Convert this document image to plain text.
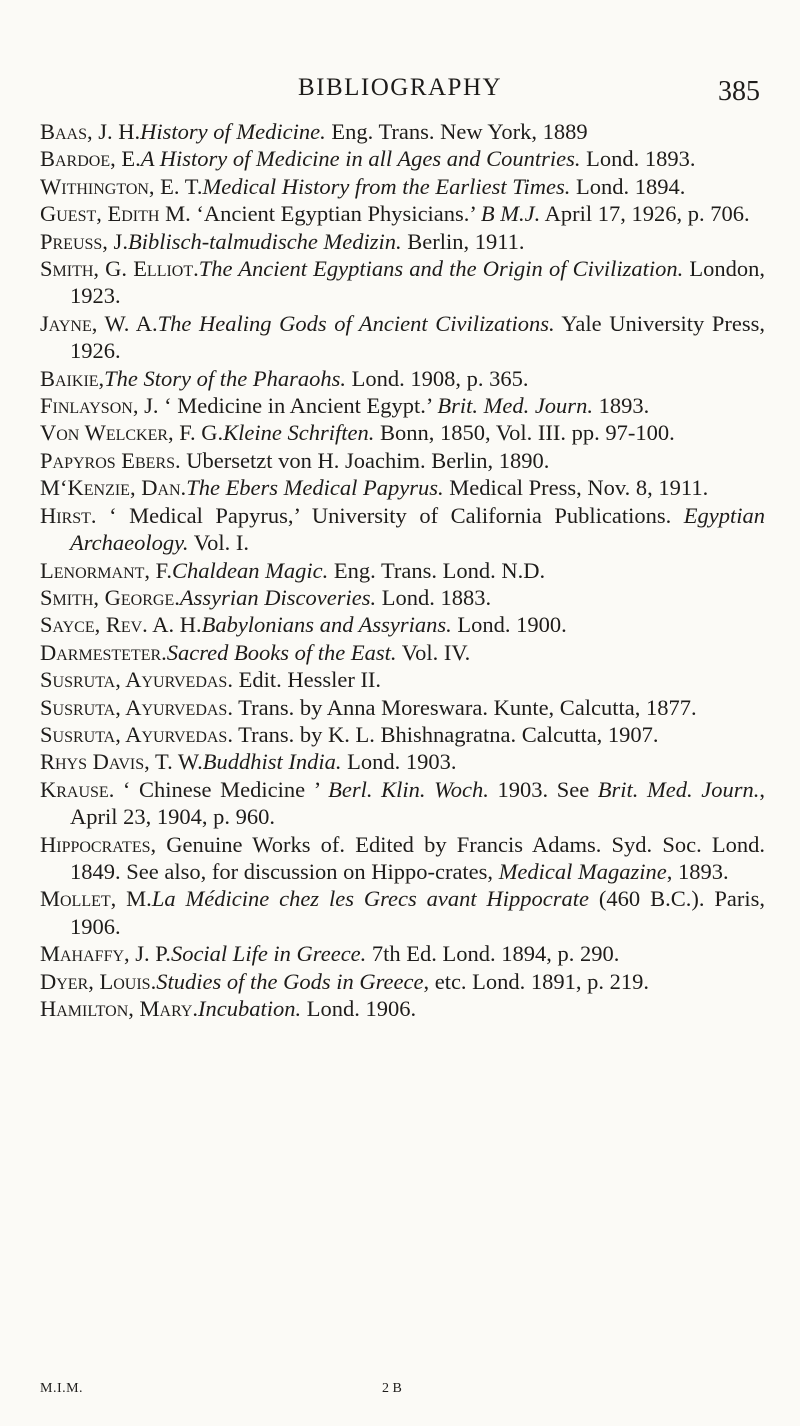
BIBLIOGRAPHY	385

Baas, J. H.History of Medicine. Eng. Trans. New York, 1889

Bardoe, E.A History of Medicine in all Ages and Countries. Lond. 1893.

Withington, E. T.Medical History from the Earliest Times. Lond. 1894.

Guest, Edith M. ‘Ancient Egyptian Physicians.’ B M.J. April 17, 1926, p. 706.

Preuss, J.Biblisch-talmudische Medizin. Berlin, 1911.

Smith, G. Elliot.The Ancient Egyptians and the Origin of Civilization. London, 1923.

Jayne, W. A.The Healing Gods of Ancient Civilizations. Yale University Press, 1926.

Baikie,The Story of the Pharaohs. Lond. 1908, p. 365.

Finlayson, J. ‘ Medicine in Ancient Egypt.’ Brit. Med. Journ. 1893.

Von Welcker, F. G.Kleine Schriften. Bonn, 1850, Vol. III. pp. 97-100.

Papyros Ebers. Ubersetzt von H. Joachim. Berlin, 1890.

M‘Kenzie, Dan.The Ebers Medical Papyrus. Medical Press, Nov. 8, 1911.

Hirst. ‘ Medical Papyrus,’ University of California Publications. Egyptian Archaeology. Vol. I.

Lenormant, F.Chaldean Magic. Eng. Trans. Lond. N.D.

Smith, George.Assyrian Discoveries. Lond. 1883.

Sayce, Rev. A. H.Babylonians and Assyrians. Lond. 1900.

Darmesteter.Sacred Books of the East. Vol. IV.

Susruta, Ayurvedas. Edit. Hessler II.

Susruta, Ayurvedas. Trans. by Anna Moreswara. Kunte, Calcutta, 1877.

Susruta, Ayurvedas. Trans. by K. L. Bhishnagratna. Calcutta, 1907.

Rhys Davis, T. W.Buddhist India. Lond. 1903.

Krause. ‘ Chinese Medicine ’ Berl. Klin. Woch. 1903. See Brit. Med. Journ., April 23, 1904, p. 960.

Hippocrates, Genuine Works of. Edited by Francis Adams. Syd. Soc. Lond. 1849. See also, for discussion on Hippo-crates, Medical Magazine, 1893.

Mollet, M.La Médicine chez les Grecs avant Hippocrate (460 B.C.). Paris, 1906.

Mahaffy, J. P.Social Life in Greece. 7th Ed. Lond. 1894, p. 290.

Dyer, Louis.Studies of the Gods in Greece, etc. Lond. 1891, p. 219.

Hamilton, Mary.Incubation. Lond. 1906.

M.I.M.	2 B
